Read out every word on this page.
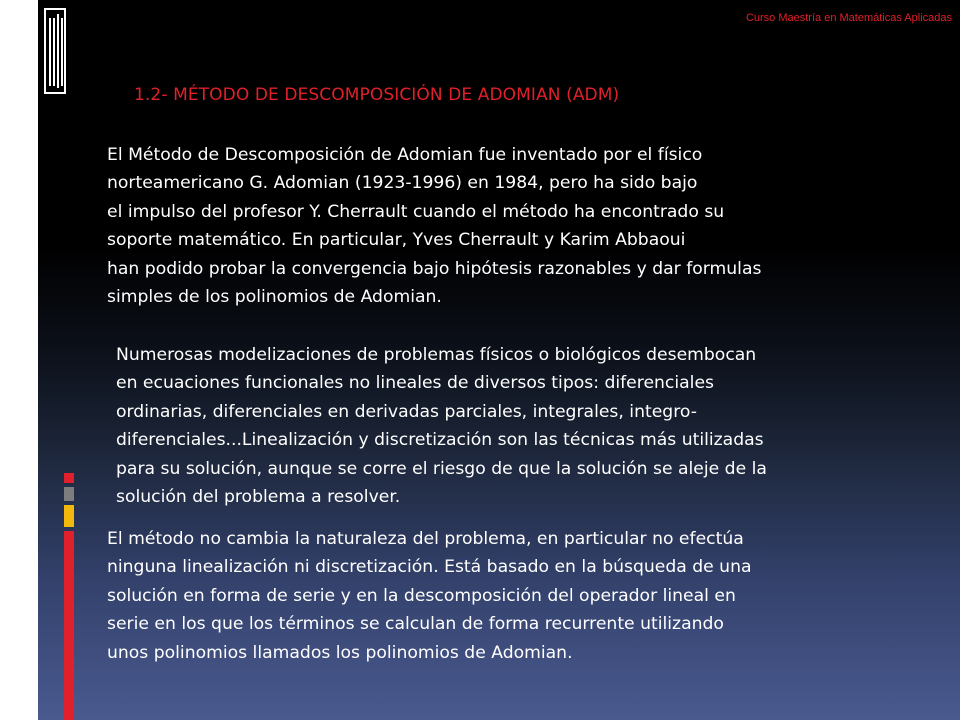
Curso Maestría en Matemáticas Aplicadas
1.2- MÉTODO DE DESCOMPOSICIÓN DE ADOMIAN (ADM)

El Método de Descomposición de Adomian fue inventado por el físico
norteamericano G. Adomian (1923-1996) en 1984, pero ha sido bajo
el impulso del profesor Y. Cherrault cuando el método ha encontrado su
soporte matemático. En particular, Yves Cherrault y Karim Abbaoui
han podido probar la convergencia bajo hipótesis razonables y dar formulas
simples de los polinomios de Adomian.

Numerosas modelizaciones de problemas físicos o biológicos desembocan
en ecuaciones funcionales no lineales de diversos tipos: diferenciales
ordinarias, diferenciales en derivadas parciales, integrales, integro-
diferenciales...Linealización y discretización son las técnicas más utilizadas
para su solución, aunque se corre el riesgo de que la solución se aleje de la
solución del problema a resolver.

El método no cambia la naturaleza del problema, en particular no efectúa
ninguna linealización ni discretización. Está basado en la búsqueda de una
solución en forma de serie y en la descomposición del operador lineal en
serie en los que los términos se calculan de forma recurrente utilizando
unos polinomios llamados los polinomios de Adomian.
